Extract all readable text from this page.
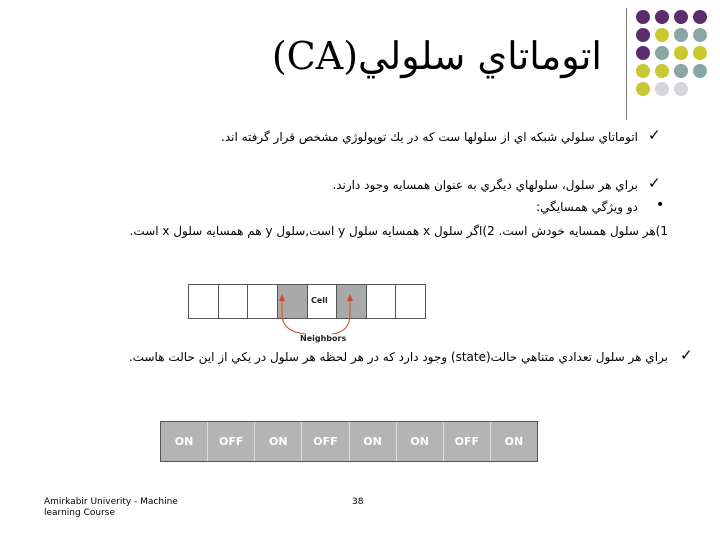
اتوماتاي سلولي(CA)
✓
اتوماتاي سلولي شبكه اي از سلولها ست كه در يك توپولوژي مشخص قرار گرفته اند.
✓
براي هر سلول، سلولهاي ديگري به عنوان همسايه وجود دارند.
•
دو ويژگي همسايگي:
1)هر سلول همسايه خودش است. 2)اگر سلول x همسايه سلول y است,سلول y هم همسايه سلول x است.
Cell
Neighbors
✓
براي هر سلول تعدادي متناهي حالت(state) وجود دارد كه در هر لحظه هر سلول در يكي از اين حالت هاست.
ON	OFF	ON	OFF	ON	ON	OFF	ON
Amirkabir Univerity - Machine
learning Course
38
